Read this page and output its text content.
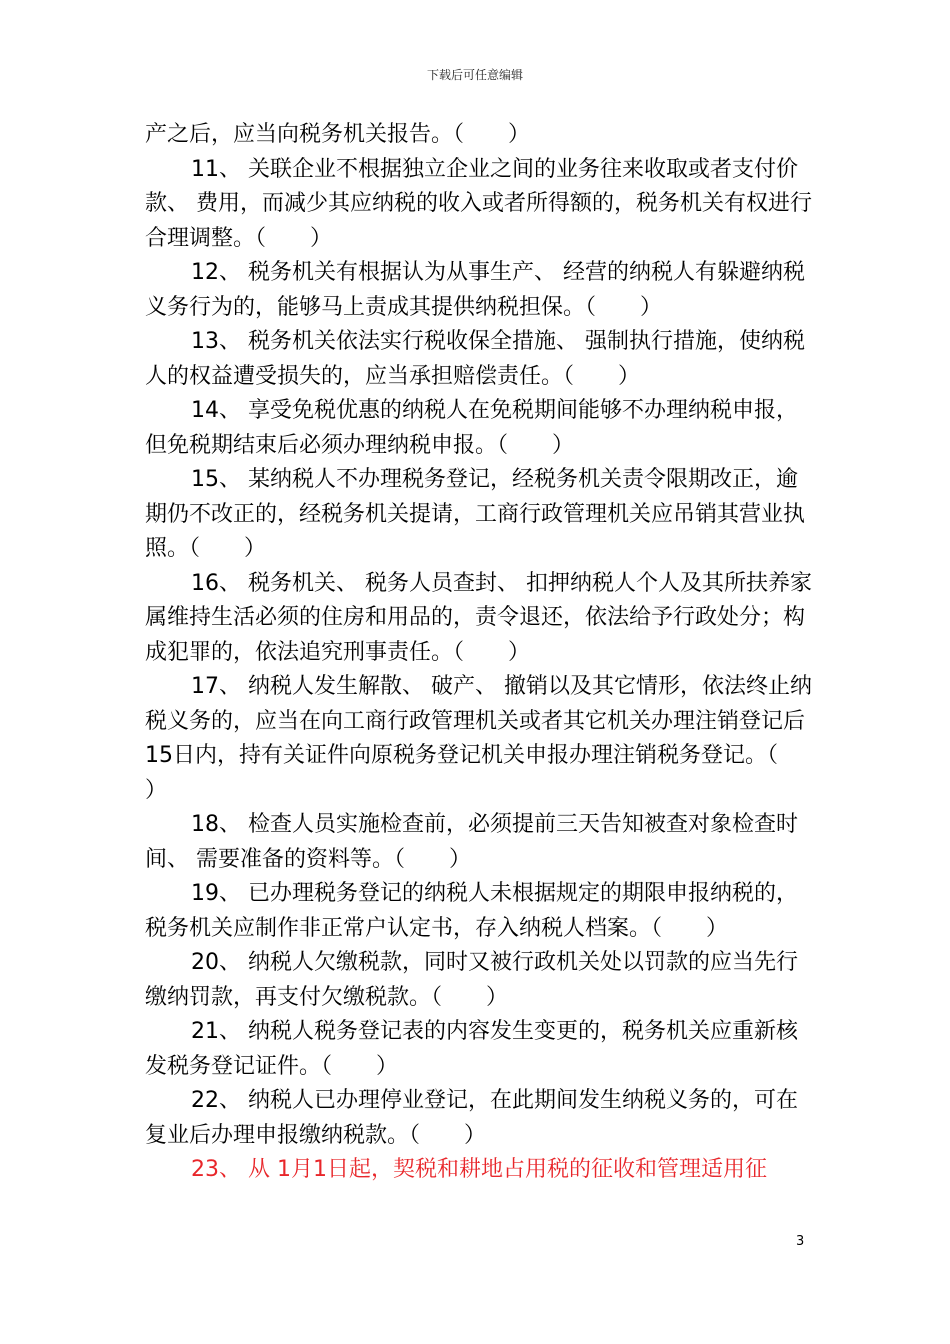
下载后可任意编辑

产之后，应当向税务机关报告。（　　）

11、 关联企业不根据独立企业之间的业务往来收取或者支付价款、 费用，而减少其应纳税的收入或者所得额的，税务机关有权进行合理调整。（　　）

12、 税务机关有根据认为从事生产、 经营的纳税人有躲避纳税义务行为的，能够马上责成其提供纳税担保。（　　）

13、 税务机关依法实行税收保全措施、 强制执行措施，使纳税人的权益遭受损失的，应当承担赔偿责任。（　　）

14、 享受免税优惠的纳税人在免税期间能够不办理纳税申报，但免税期结束后必须办理纳税申报。（　　）

15、 某纳税人不办理税务登记，经税务机关责令限期改正，逾期仍不改正的，经税务机关提请，工商行政管理机关应吊销其营业执照。（　　）

16、 税务机关、 税务人员查封、 扣押纳税人个人及其所扶养家属维持生活必须的住房和用品的，责令退还，依法给予行政处分；构成犯罪的，依法追究刑事责任。（　　）

17、 纳税人发生解散、 破产、 撤销以及其它情形，依法终止纳税义务的，应当在向工商行政管理机关或者其它机关办理注销登记后15日内，持有关证件向原税务登记机关申报办理注销税务登记。（　　）

18、 检查人员实施检查前，必须提前三天告知被查对象检查时间、 需要准备的资料等。（　　）

19、 已办理税务登记的纳税人未根据规定的期限申报纳税的，税务机关应制作非正常户认定书，存入纳税人档案。（　　）

20、 纳税人欠缴税款，同时又被行政机关处以罚款的应当先行缴纳罚款，再支付欠缴税款。（　　）

21、 纳税人税务登记表的内容发生变更的，税务机关应重新核发税务登记证件。（　　）

22、 纳税人已办理停业登记，在此期间发生纳税义务的，可在复业后办理申报缴纳税款。（　　）

23、 从 1月1日起，契税和耕地占用税的征收和管理适用征

3
